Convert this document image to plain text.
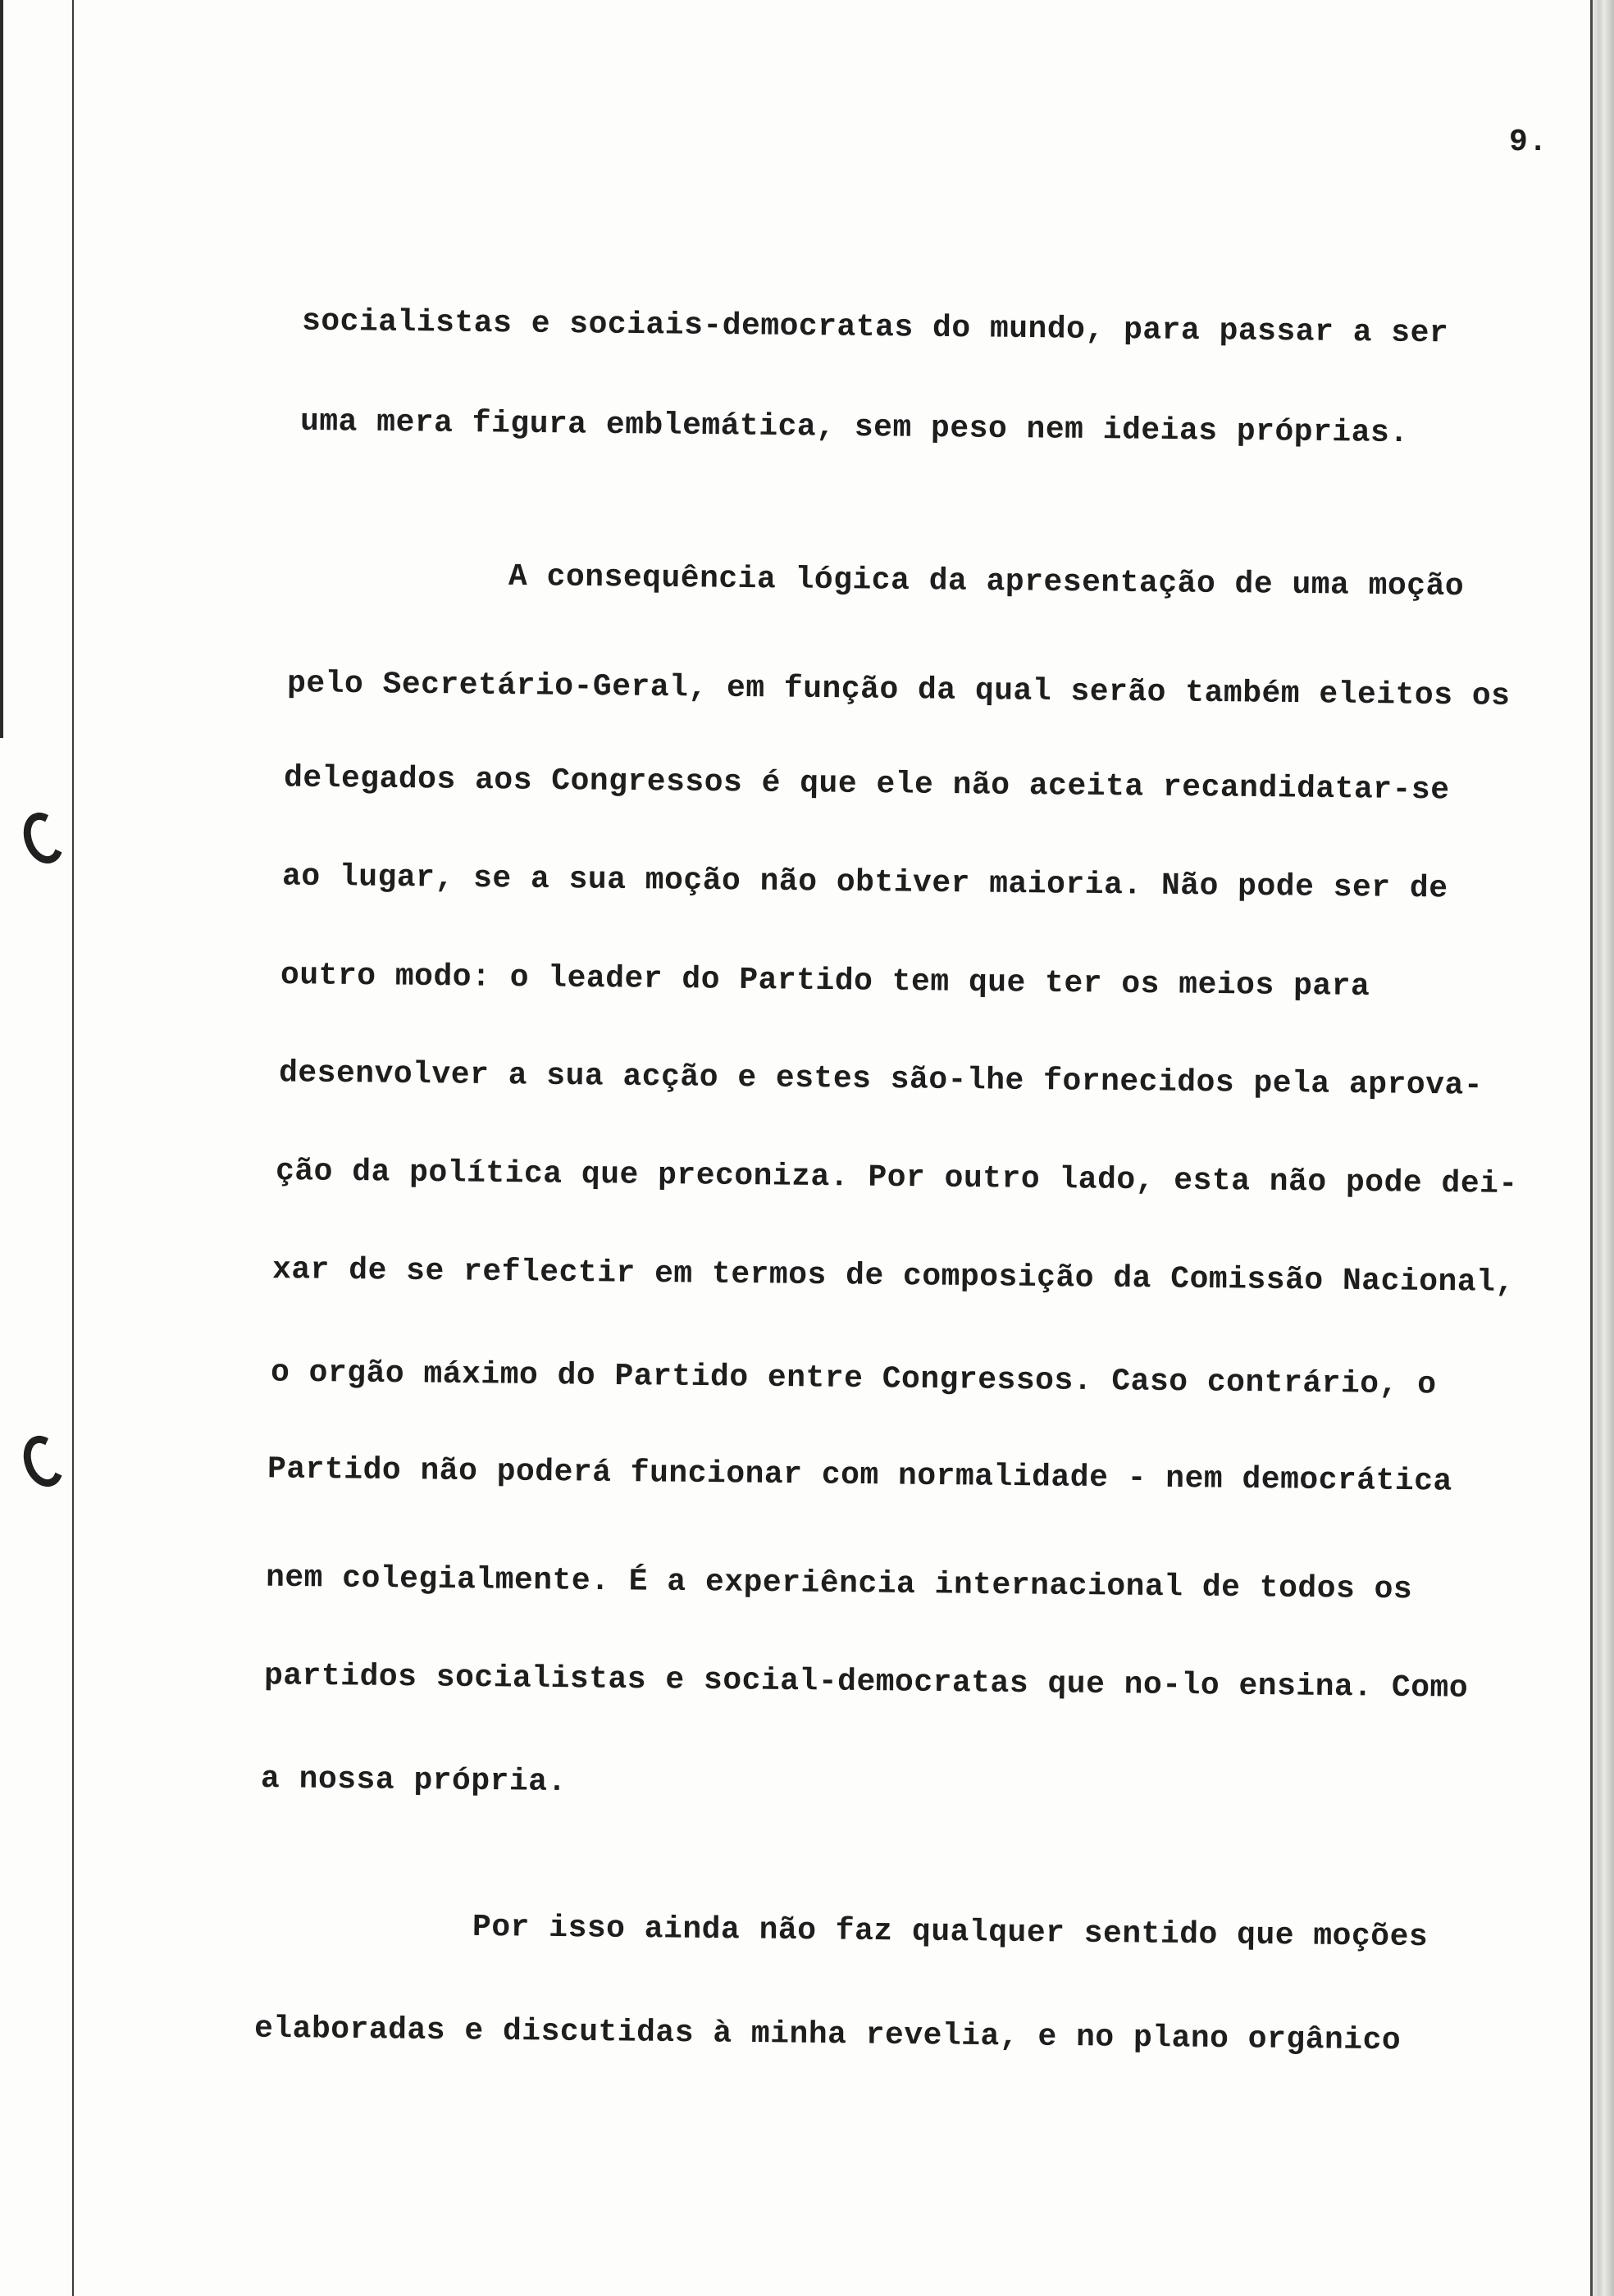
9.
socialistas e sociais-democratas do mundo, para passar a ser
uma mera figura emblemática, sem peso nem ideias próprias.
A consequência lógica da apresentação de uma moção
pelo Secretário-Geral, em função da qual serão também eleitos os
delegados aos Congressos é que ele não aceita recandidatar-se
ao lugar, se a sua moção não obtiver maioria. Não pode ser de
outro modo: o leader do Partido tem que ter os meios para
desenvolver a sua acção e estes são-lhe fornecidos pela aprova-
ção da política que preconiza. Por outro lado, esta não pode dei-
xar de se reflectir em termos de composição da Comissão Nacional,
o orgão máximo do Partido entre Congressos. Caso contrário, o
Partido não poderá funcionar com normalidade - nem democrática
nem colegialmente. É a experiência internacional de todos os
partidos socialistas e social-democratas que no-lo ensina. Como
a nossa própria.
Por isso ainda não faz qualquer sentido que moções
elaboradas e discutidas à minha revelia, e no plano orgânico
